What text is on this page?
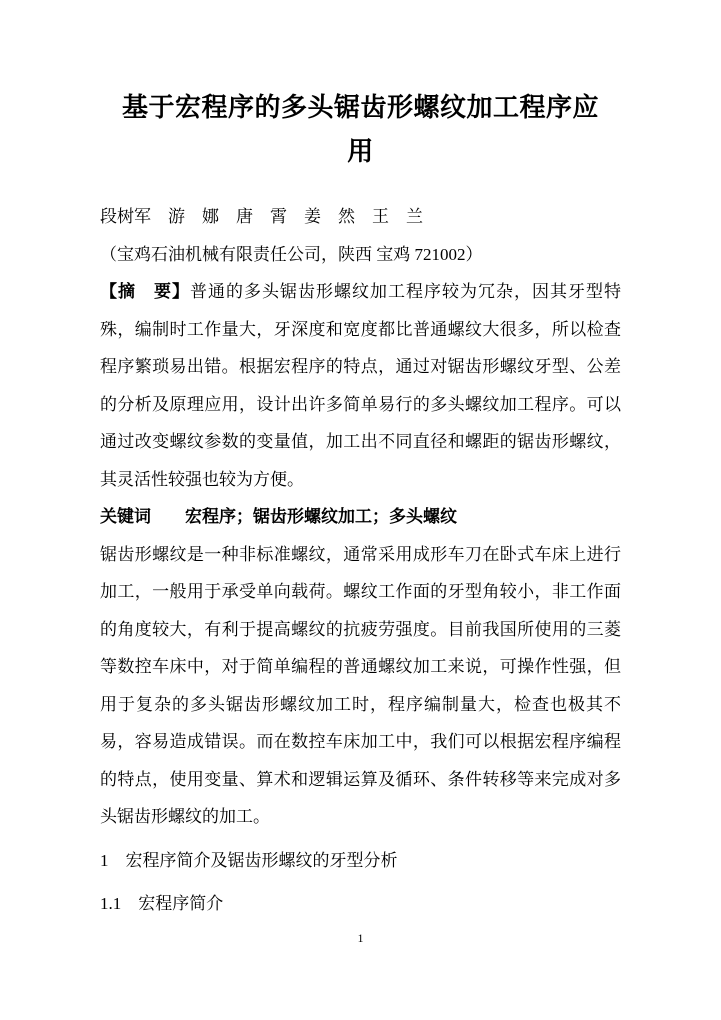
基于宏程序的多头锯齿形螺纹加工程序应
用
段树军　游　娜　唐　霄　姜　然　王　兰
（宝鸡石油机械有限责任公司，陕西 宝鸡 721002）

【摘　要】普通的多头锯齿形螺纹加工程序较为冗杂，因其牙型特殊，编制时工作量大，牙深度和宽度都比普通螺纹大很多，所以检查程序繁琐易出错。根据宏程序的特点，通过对锯齿形螺纹牙型、公差的分析及原理应用，设计出许多简单易行的多头螺纹加工程序。可以通过改变螺纹参数的变量值，加工出不同直径和螺距的锯齿形螺纹，其灵活性较强也较为方便。

关键词 宏程序；锯齿形螺纹加工；多头螺纹

锯齿形螺纹是一种非标准螺纹，通常采用成形车刀在卧式车床上进行加工，一般用于承受单向载荷。螺纹工作面的牙型角较小，非工作面的角度较大，有利于提高螺纹的抗疲劳强度。目前我国所使用的三菱等数控车床中，对于简单编程的普通螺纹加工来说，可操作性强，但用于复杂的多头锯齿形螺纹加工时，程序编制量大，检查也极其不易，容易造成错误。而在数控车床加工中，我们可以根据宏程序编程的特点，使用变量、算术和逻辑运算及循环、条件转移等来完成对多头锯齿形螺纹的加工。

1　宏程序简介及锯齿形螺纹的牙型分析
1.1　宏程序简介
1
